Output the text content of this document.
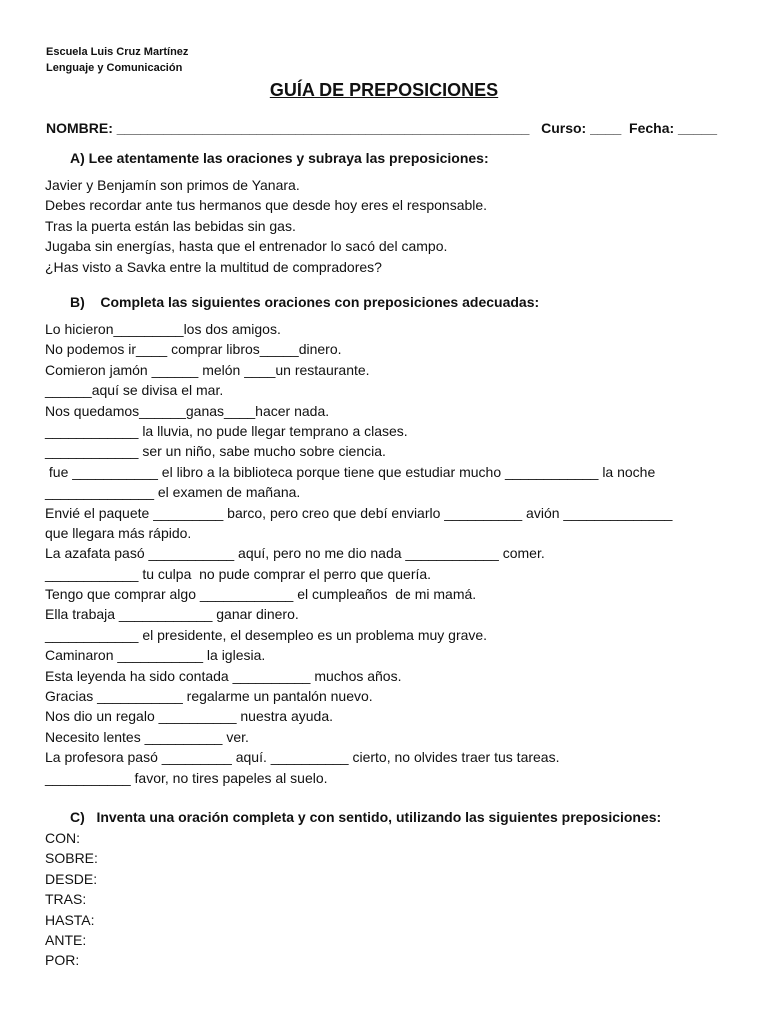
Escuela Luis Cruz Martínez
Lenguaje y Comunicación
GUÍA DE PREPOSICIONES
NOMBRE: _____________________________________________________   Curso: ____  Fecha: _____
A) Lee atentamente las oraciones y subraya las preposiciones:
Javier y Benjamín son primos de Yanara.
Debes recordar ante tus hermanos que desde hoy eres el responsable.
Tras la puerta están las bebidas sin gas.
Jugaba sin energías, hasta que el entrenador lo sacó del campo.
¿Has visto a Savka entre la multitud de compradores?
B)    Completa las siguientes oraciones con preposiciones adecuadas:
Lo hicieron_________los dos amigos.
No podemos ir____ comprar libros_____dinero.
Comieron jamón ______ melón ____un restaurante.
______aquí se divisa el mar.
Nos quedamos______ganas____hacer nada.
____________ la lluvia, no pude llegar temprano a clases.
____________ ser un niño, sabe mucho sobre ciencia.
fue ___________ el libro a la biblioteca porque tiene que estudiar mucho ____________ la noche
______________ el examen de mañana.
Envié el paquete _________ barco, pero creo que debí enviarlo __________ avión ______________
que llegara más rápido.
La azafata pasó ___________ aquí, pero no me dio nada ____________ comer.
____________ tu culpa  no pude comprar el perro que quería.
Tengo que comprar algo ____________ el cumpleaños  de mi mamá.
Ella trabaja ____________ ganar dinero.
____________ el presidente, el desempleo es un problema muy grave.
Caminaron ___________ la iglesia.
Esta leyenda ha sido contada __________ muchos años.
Gracias ___________ regalarme un pantalón nuevo.
Nos dio un regalo __________ nuestra ayuda.
Necesito lentes __________ ver.
La profesora pasó _________ aquí. __________ cierto, no olvides traer tus tareas.
___________ favor, no tires papeles al suelo.
C)   Inventa una oración completa y con sentido, utilizando las siguientes preposiciones:
CON:
SOBRE:
DESDE:
TRAS:
HASTA:
ANTE:
POR:
